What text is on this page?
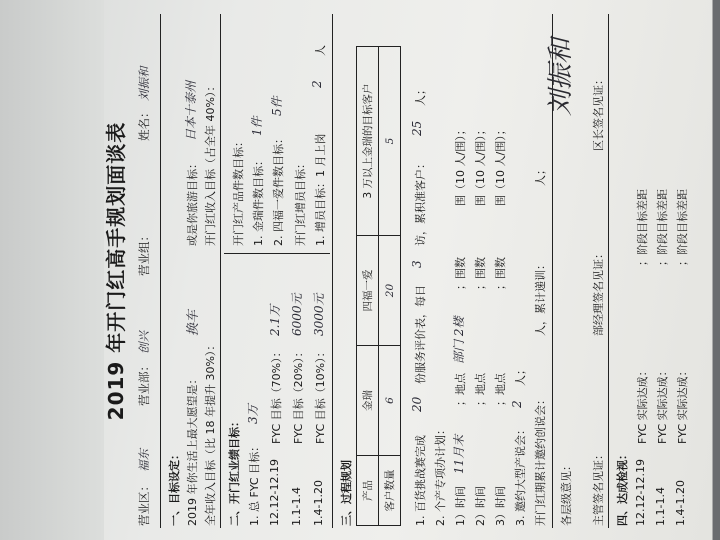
2019 年开门红高手规划面谈表
营业区：
福东
营业部：
创兴
营业组：
姓名：
刘振和
一、目标设定： 2019 年你生活上最大愿望是：
换车
或是你旅游目标：
日本十泰州
全年收入目标（比 18 年提升 30%）：
开门红收入目标（占全年 40%）：
二、开门红业绩目标： 1. 总 FYC 目标：
3万
开门红产品件数目标：
12.12-12.19
FYC 目标（70%）：
2.1万
1. 金瑞件数目标：
1件
1.1-1.4
FYC 目标（20%）：
6000元
2. 四福一爱件数目标：
5件
1.4-1.20
FYC 目标（10%）：
3000元
开门红增员目标： 1. 增员目标：1 月上岗
2
人
三、过程规划 产品	金瑞	四福一爱	3 万以上金瑞的目标客户
客户数量	6	20	5
1. 百货挑战赛完成
20
份服务评价表，每日
3
访，累积准客户：
25
人；
2. 个产专项办计划： 1）时间
11月末
；地点
部门 2楼
；围数
围（10 人/围）；
2）时间
；地点
；围数
围（10 人/围）；
3）时间
；地点
；围数
围（10 人/围）；
3. 邀约大型产说会：
2
人；
开门红期累计邀约创说会：
人，累计递训：
人；
各层级意见： 主管签名见证：
部经理签名见证：
区长签名见证：
刘振和
四、达成检视： 12.12-12.19
FYC 实际达成：
；阶段目标差距
1.1-1.4
FYC 实际达成：
；阶段目标差距
1.4-1.20
FYC 实际达成：
；阶段目标差距
